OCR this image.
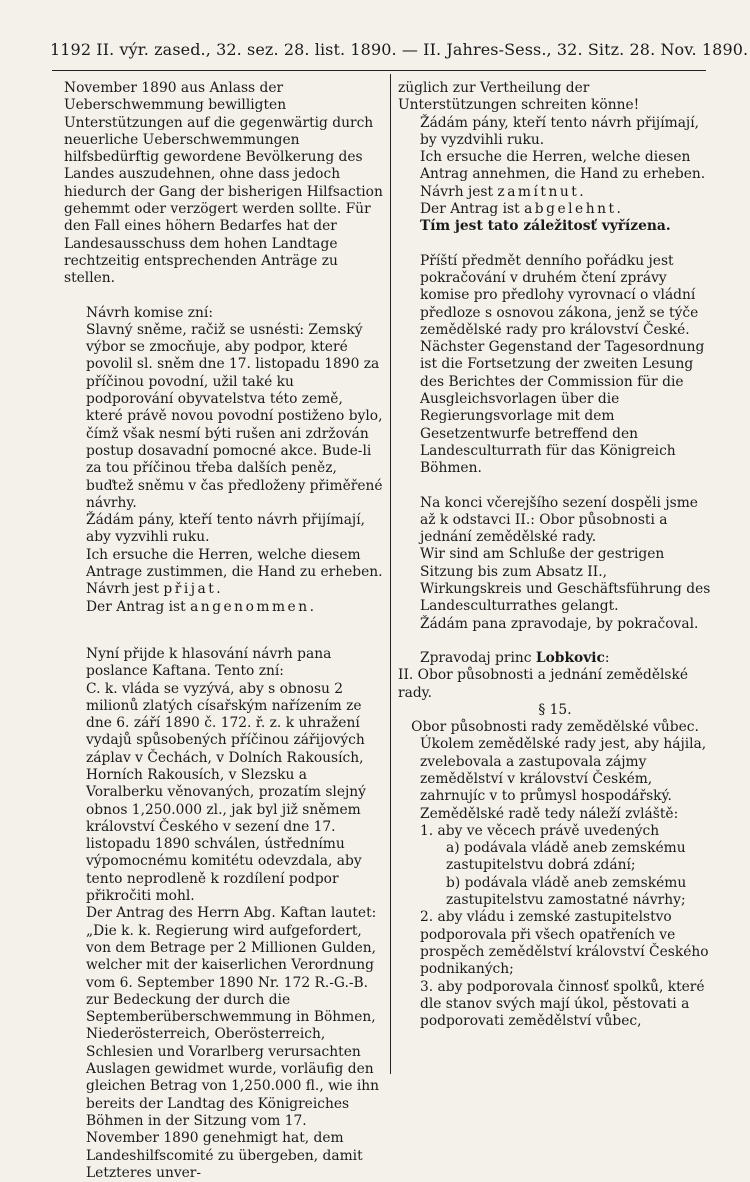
1192 II. výr. zased., 32. sez. 28. list. 1890. — II. Jahres-Sess., 32. Sitz. 28. Nov. 1890.

November 1890 aus Anlass der Ueberschwemmung bewilligten Unterstützungen auf die gegenwärtig durch neuerliche Ueberschwemmungen hilfsbedürftig gewordene Bevölkerung des Landes auszudehnen, ohne dass jedoch hiedurch der Gang der bisherigen Hilfsaction gehemmt oder verzögert werden sollte. Für den Fall eines höhern Bedarfes hat der Landesausschuss dem hohen Landtage rechtzeitig entsprechenden Anträge zu stellen.

Návrh komise zní:

Slavný sněme, račiž se usnésti: Zemský výbor se zmocňuje, aby podpor, které povolil sl. sněm dne 17. listopadu 1890 za příčinou povodní, užil také ku podporování obyvatelstva této země, které právě novou povodní postiženo bylo, čímž však nesmí býti rušen ani zdržován postup dosavadní pomocné akce. Bude-li za tou příčinou třeba dalších peněz, buďtež sněmu v čas předloženy přiměřené návrhy.

Žádám pány, kteří tento návrh přijímají, aby vyzvihli ruku.

Ich ersuche die Herren, welche diesem Antrage zustimmen, die Hand zu erheben.

Návrh jest přijat.

Der Antrag ist angenommen.

Nyní přijde k hlasování návrh pana poslance Kaftana. Tento zní:

C. k. vláda se vyzývá, aby s obnosu 2 milionů zlatých císařským nařízením ze dne 6. září 1890 č. 172. ř. z. k uhražení vydajů spůsobených příčinou zářijových záplav v Čechách, v Dolních Rakousích, Horních Rakousích, v Slezsku a Voralberku věnovaných, prozatím slejný obnos 1,250.000 zl., jak byl již sněmem království Českého v sezení dne 17. listopadu 1890 schválen, ústřednímu výpomocnému komitétu odevzdala, aby tento neprodleně k rozdílení podpor přikročiti mohl.

Der Antrag des Herrn Abg. Kaftan lautet: „Die k. k. Regierung wird aufgefordert, von dem Betrage per 2 Millionen Gulden, welcher mit der kaiserlichen Verordnung vom 6. September 1890 Nr. 172 R.-G.-B. zur Bedeckung der durch die Septemberüberschwemmung in Böhmen, Niederösterreich, Oberösterreich, Schlesien und Vorarlberg verursachten Auslagen gewidmet wurde, vorläufig den gleichen Betrag von 1,250.000 fl., wie ihn bereits der Landtag des Königreiches Böhmen in der Sitzung vom 17. November 1890 genehmigt hat, dem Landeshilfscomité zu übergeben, damit Letzteres unver-

züglich zur Vertheilung der Unterstützungen schreiten könne!

Žádám pány, kteří tento návrh přijímají, by vyzdvihli ruku.

Ich ersuche die Herren, welche diesen Antrag annehmen, die Hand zu erheben.

Návrh jest zamítnut.

Der Antrag ist abgelehnt.

Tím jest tato záležitosť vyřízena.

Příští předmět denního pořádku jest pokračování v druhém čtení zprávy komise pro předlohy vyrovnací o vládní předloze s osnovou zákona, jenž se týče zemědělské rady pro království České.

Nächster Gegenstand der Tagesordnung ist die Fortsetzung der zweiten Lesung des Berichtes der Commission für die Ausgleichsvorlagen über die Regierungsvorlage mit dem Gesetzentwurfe betreffend den Landesculturrath für das Königreich Böhmen.

Na konci včerejšího sezení dospěli jsme až k odstavci II.: Obor působnosti a jednání zemědělské rady.

Wir sind am Schluße der gestrigen Sitzung bis zum Absatz II., Wirkungskreis und Geschäftsführung des Landesculturrathes gelangt.

Žádám pana zpravodaje, by pokračoval.

Zpravodaj princ Lobkovic:

II. Obor působnosti a jednání zemědělské rady.

§ 15.

Obor působnosti rady zemědělské vůbec.

Úkolem zemědělské rady jest, aby hájila, zvelebovala a zastupovala zájmy zemědělství v království Českém, zahrnujíc v to průmysl hospodářský.

Zemědělské radě tedy náleží zvláště:

1. aby ve věcech právě uvedených

a) podávala vládě aneb zemskému zastupitelstvu dobrá zdání;

b) podávala vládě aneb zemskému zastupitelstvu zamostatné návrhy;

2. aby vládu i zemské zastupitelstvo podporovala při všech opatřeních ve prospěch zemědělství království Českého podnikaných;

3. aby podporovala činnosť spolků, které dle stanov svých mají úkol, pěstovati a podporovati zemědělství vůbec,
